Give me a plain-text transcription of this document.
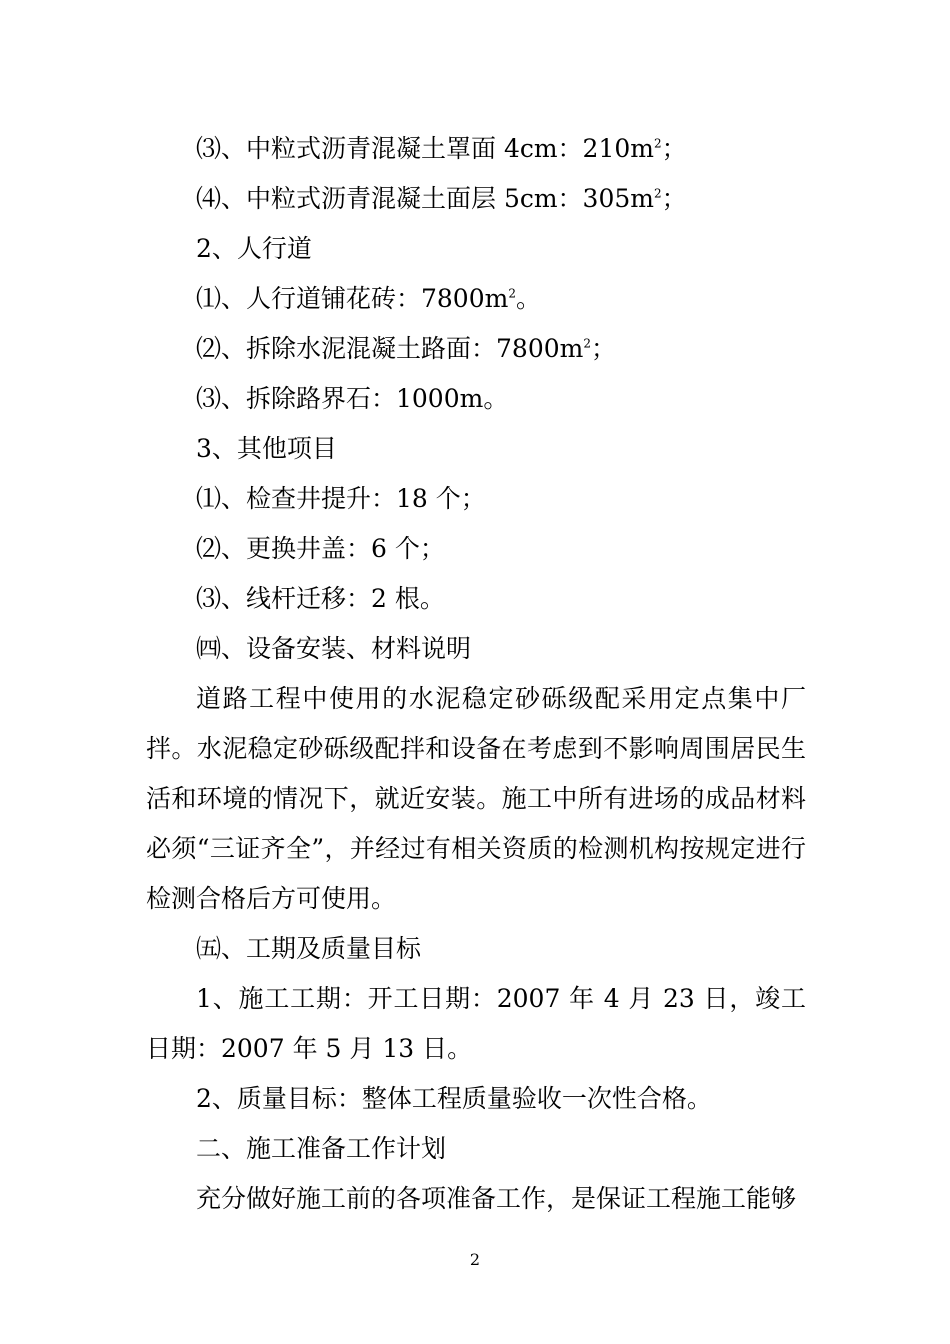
⑶、中粒式沥青混凝土罩面 4cm：$210m^2$；
⑷、中粒式沥青混凝土面层 5cm：$305m^2$；
2、人行道
⑴、人行道铺花砖：$7800m^2$。
⑵、拆除水泥混凝土路面：$7800m^2$；
⑶、拆除路界石：1000m。
3、其他项目
⑴、检查井提升：18 个；
⑵、更换井盖：6 个；
⑶、线杆迁移：2 根。
㈣、设备安装、材料说明

道路工程中使用的水泥稳定砂砾级配采用定点集中厂拌。水泥稳定砂砾级配拌和设备在考虑到不影响周围居民生活和环境的情况下，就近安装。施工中所有进场的成品材料必须“三证齐全”，并经过有相关资质的检测机构按规定进行检测合格后方可使用。

㈤、工期及质量目标

1、施工工期：开工日期：2007 年 4 月 23 日，竣工日期：2007 年 5 月 13 日。

2、质量目标：整体工程质量验收一次性合格。
二、施工准备工作计划

充分做好施工前的各项准备工作，是保证工程施工能够

2
